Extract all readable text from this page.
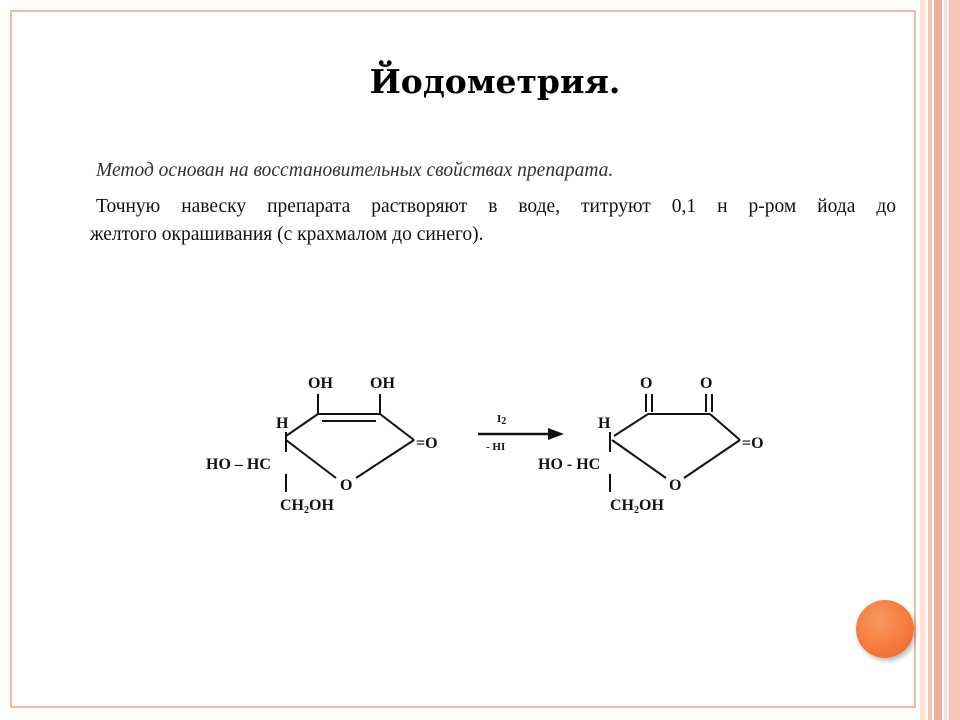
Йодометрия.
Метод основан на восстановительных свойствах препарата.
Точную навеску препарата растворяют в воде, титруют 0,1 н р-ром йода до
желтого окрашивания (с крахмалом до синего).
OH OH
H
=O
HO – HC
O
CH2OH
I2
- HI
O	O
H
=O
HO - HC
O
CH2OH
